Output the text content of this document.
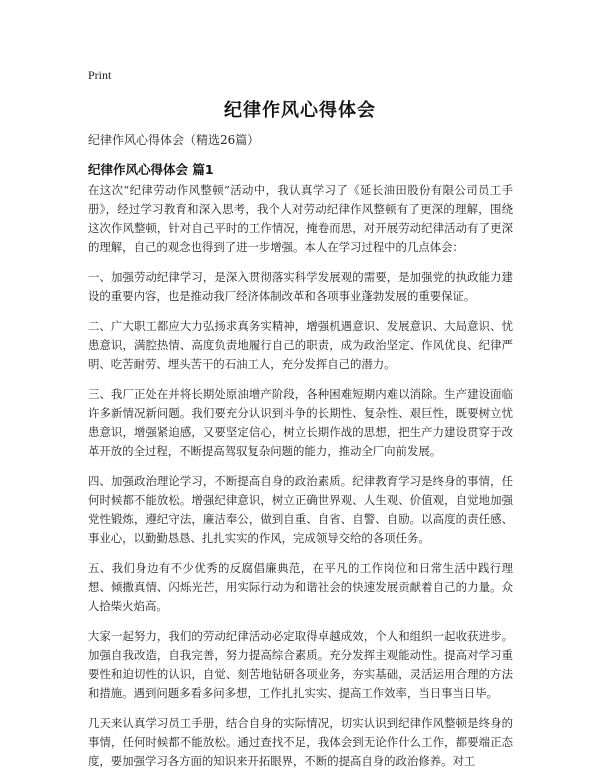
Print
纪律作风心得体会
纪律作风心得体会（精选26篇）
纪律作风心得体会 篇1

在这次“纪律劳动作风整顿”活动中，我认真学习了《延长油田股份有限公司员工手册》，经过学习教育和深入思考，我个人对劳动纪律作风整顿有了更深的理解，围绕这次作风整顿，针对自己平时的工作情况，掩卷而思，对开展劳动纪律活动有了更深的理解，自己的观念也得到了进一步增强。本人在学习过程中的几点体会：

一、加强劳动纪律学习，是深入贯彻落实科学发展观的需要，是加强党的执政能力建设的重要内容，也是推动我厂经济体制改革和各项事业蓬勃发展的重要保证。

二、广大职工都应大力弘扬求真务实精神，增强机遇意识、发展意识、大局意识、忧患意识，满腔热情、高度负责地履行自己的职责，成为政治坚定、作风优良、纪律严明、吃苦耐劳、埋头苦干的石油工人，充分发挥自己的潜力。

三、我厂正处在并将长期处原油增产阶段，各种困难短期内难以消除。生产建设面临许多新情况新问题。我们要充分认识到斗争的长期性、复杂性、艰巨性，既要树立忧患意识，增强紧迫感，又要坚定信心，树立长期作战的思想，把生产力建设贯穿于改革开放的全过程，不断提高驾驭复杂问题的能力，推动全厂向前发展。

四、加强政治理论学习，不断提高自身的政治素质。纪律教育学习是终身的事情，任何时候都不能放松。增强纪律意识，树立正确世界观、人生观、价值观，自觉地加强党性锻炼，遵纪守法，廉洁奉公，做到自重、自省、自警、自励。以高度的责任感、事业心，以勤勤恳恳、扎扎实实的作风，完成领导交给的各项任务。

五、我们身边有不少优秀的反腐倡廉典范，在平凡的工作岗位和日常生活中践行理想、倾撒真情、闪烁光芒，用实际行动为和谐社会的快速发展贡献着自己的力量。众人拾柴火焰高。

大家一起努力，我们的劳动纪律活动必定取得卓越成效，个人和组织一起收获进步。加强自我改造，自我完善，努力提高综合素质。充分发挥主观能动性。提高对学习重要性和迫切性的认识，自觉、刻苦地钻研各项业务，夯实基础，灵活运用合理的方法和措施。遇到问题多看多问多想，工作扎扎实实、提高工作效率，当日事当日毕。

几天来认真学习员工手册，结合自身的实际情况，切实认识到纪律作风整顿是终身的事情，任何时候都不能放松。通过查找不足，我体会到无论作什么工作，都要端正态度，要加强学习各方面的知识来开拓眼界，不断的提高自身的政治修养。对工
